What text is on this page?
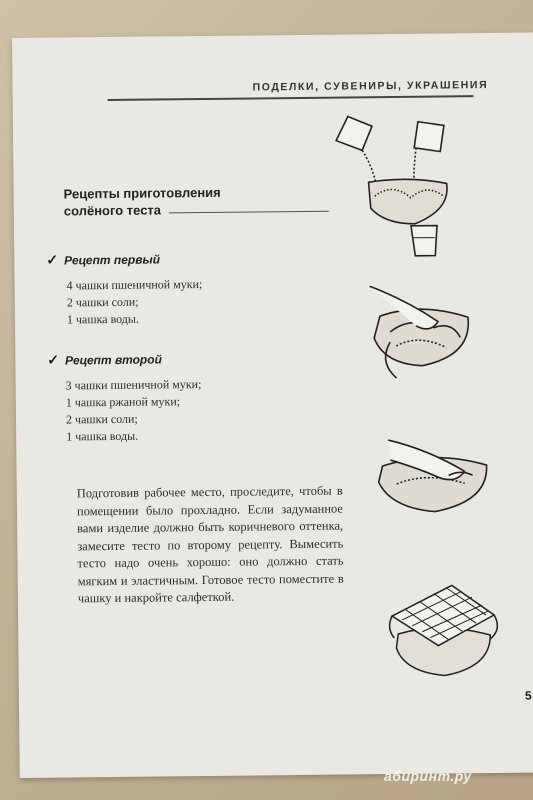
ПОДЕЛКИ, СУВЕНИРЫ, УКРАШЕНИЯ
Рецепты приготовления
солёного теста
✓ Рецепт первый
4 чашки пшеничной муки;
2 чашки соли;
1 чашка воды.
✓ Рецепт второй
3 чашки пшеничной муки;
1 чашка ржаной муки;
2 чашки соли;
1 чашка воды.
Подготовив рабочее место, проследите, чтобы в помещении было прохладно. Если задуманное вами изделие должно быть коричневого оттенка, замесите тесто по второму рецепту. Вымесить тесто надо очень хорошо: оно должно стать мягким и эластичным. Готовое тесто поместите в чашку и накройте салфеткой.
5
абиринт.ру
